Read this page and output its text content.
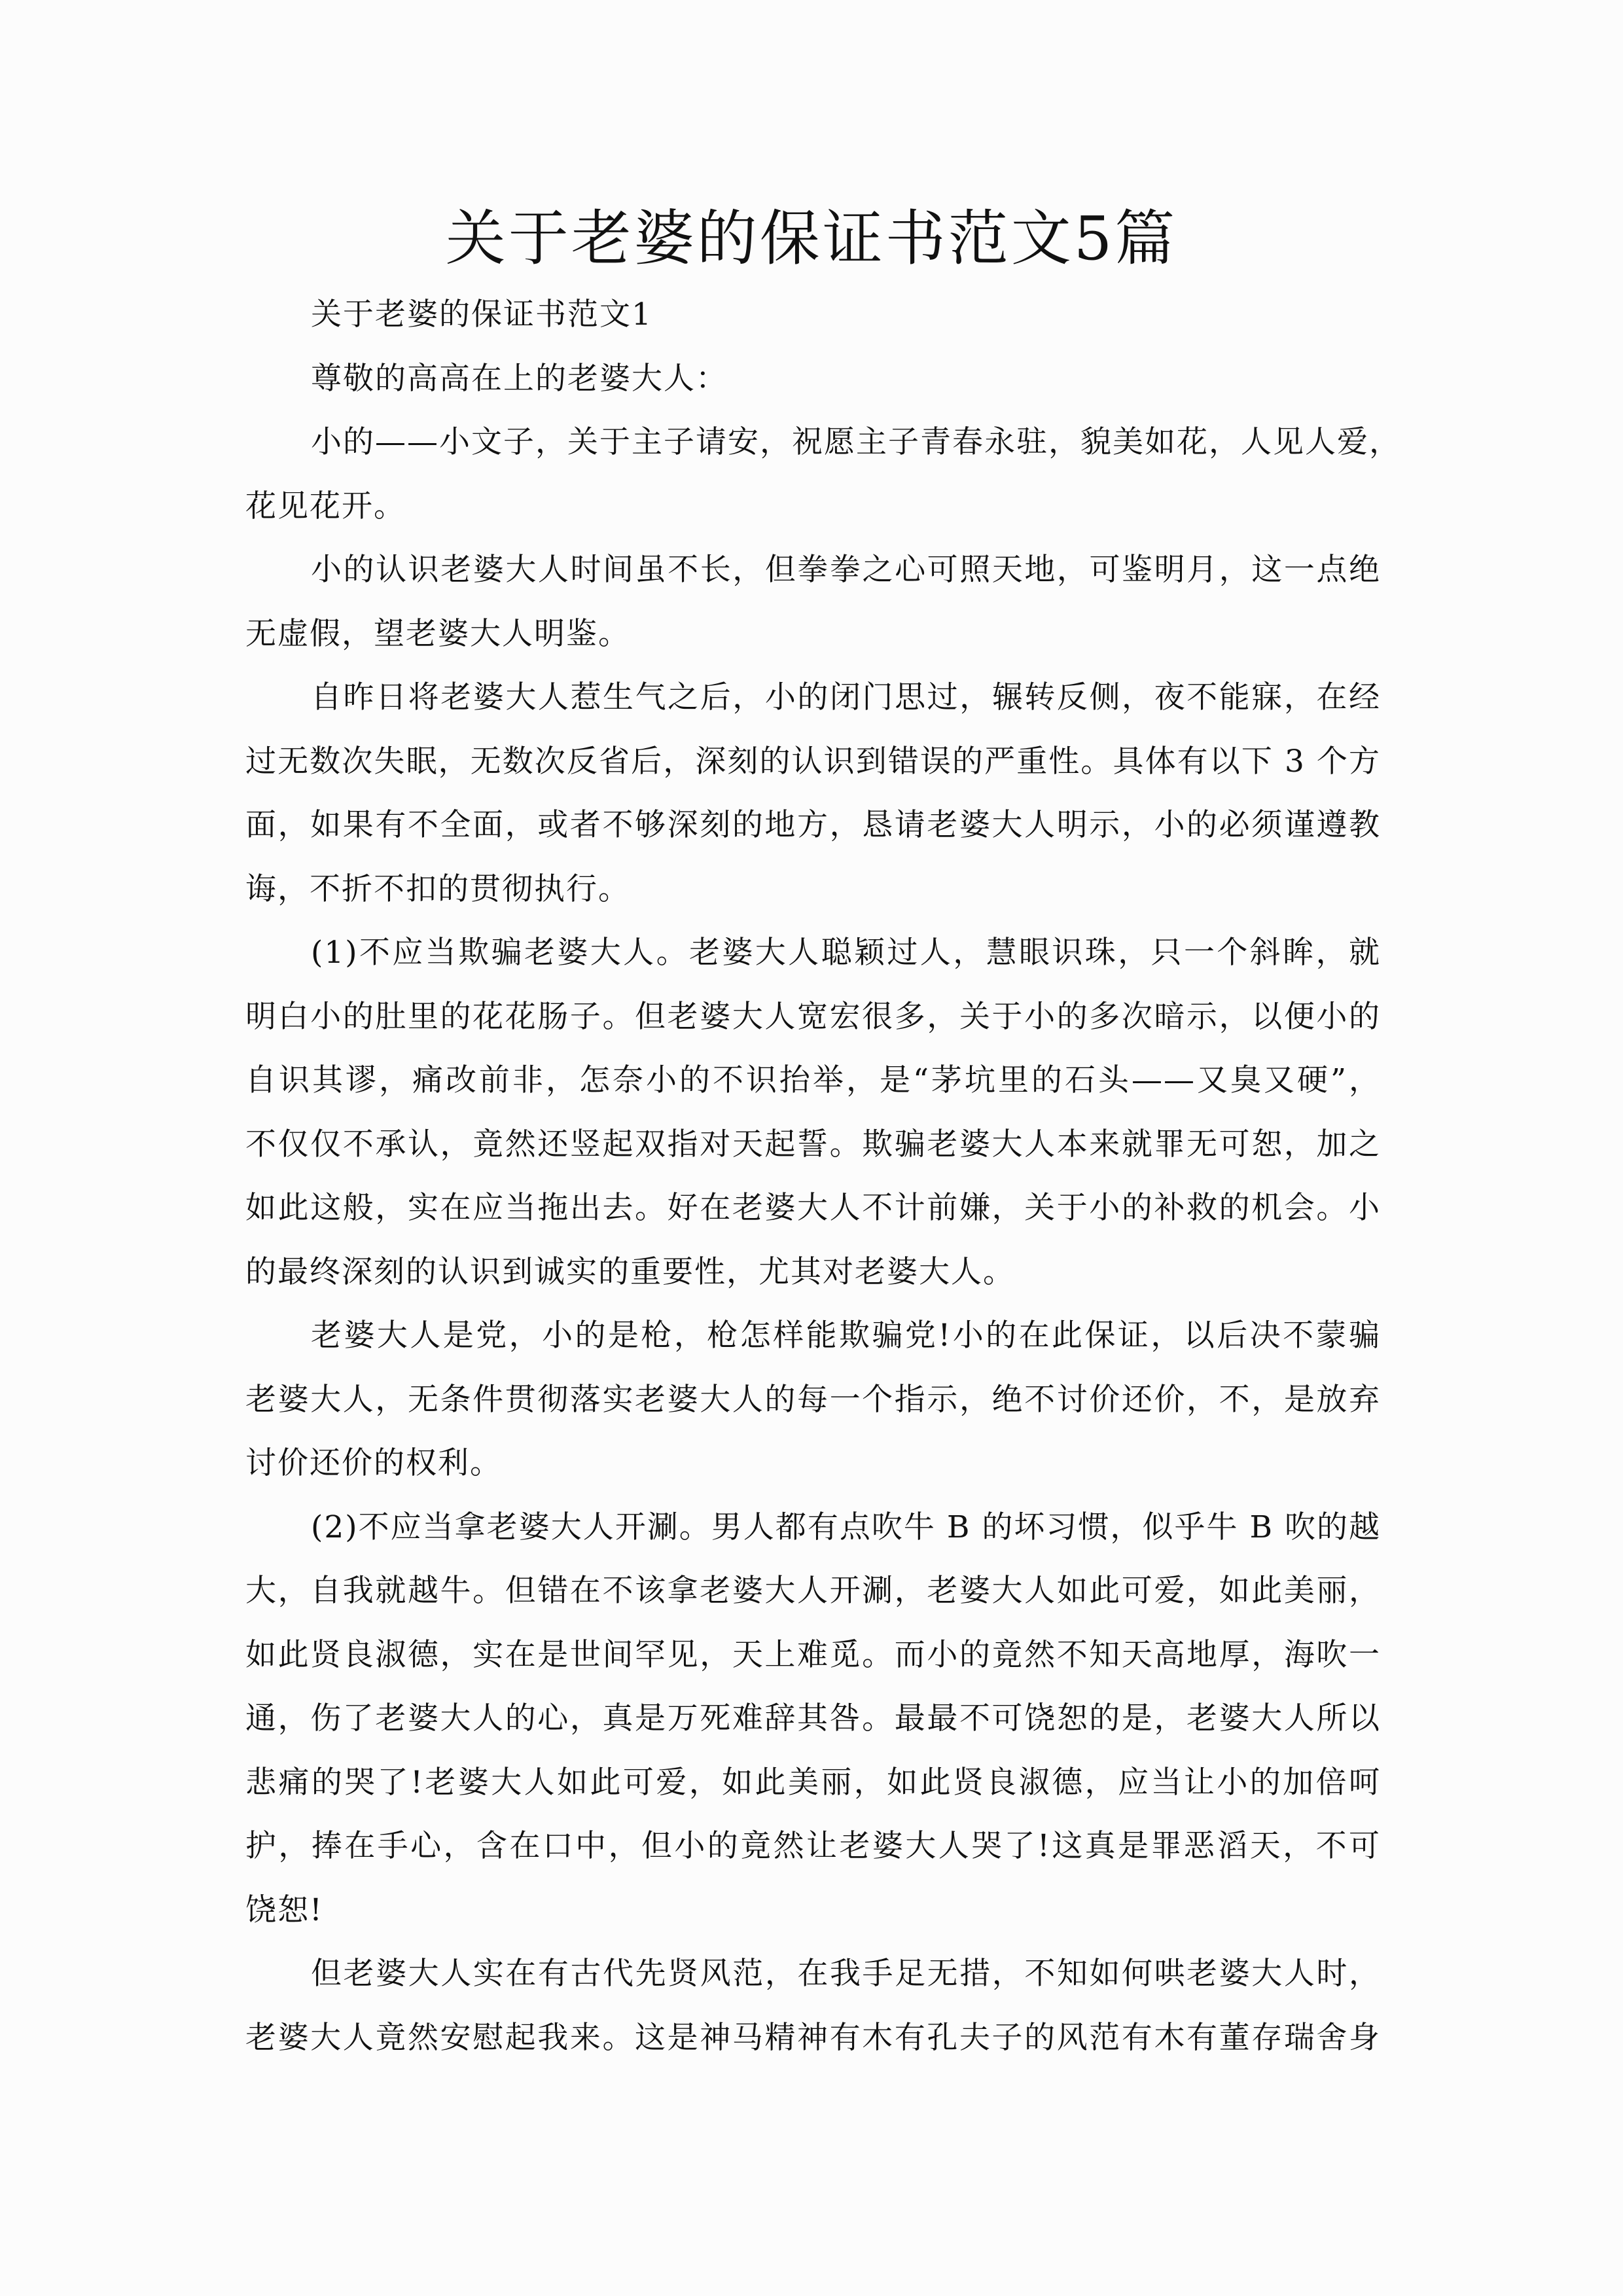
关于老婆的保证书范文5篇
关于老婆的保证书范文1
尊敬的高高在上的老婆大人：
小的——小文子，关于主子请安，祝愿主子青春永驻，貌美如花，人见人爱，
花见花开。
小的认识老婆大人时间虽不长，但拳拳之心可照天地，可鉴明月，这一点绝
无虚假，望老婆大人明鉴。
自昨日将老婆大人惹生气之后，小的闭门思过，辗转反侧，夜不能寐，在经
过无数次失眠，无数次反省后，深刻的认识到错误的严重性。具体有以下 3 个方
面，如果有不全面，或者不够深刻的地方，恳请老婆大人明示，小的必须谨遵教
诲，不折不扣的贯彻执行。
(1)不应当欺骗老婆大人。老婆大人聪颖过人，慧眼识珠，只一个斜眸，就
明白小的肚里的花花肠子。但老婆大人宽宏很多，关于小的多次暗示，以便小的
自识其谬，痛改前非，怎奈小的不识抬举，是“茅坑里的石头——又臭又硬”，
不仅仅不承认，竟然还竖起双指对天起誓。欺骗老婆大人本来就罪无可恕，加之
如此这般，实在应当拖出去。好在老婆大人不计前嫌，关于小的补救的机会。小
的最终深刻的认识到诚实的重要性，尤其对老婆大人。
老婆大人是党，小的是枪，枪怎样能欺骗党!小的在此保证，以后决不蒙骗
老婆大人，无条件贯彻落实老婆大人的每一个指示，绝不讨价还价，不，是放弃
讨价还价的权利。
(2)不应当拿老婆大人开涮。男人都有点吹牛 B 的坏习惯，似乎牛 B 吹的越
大，自我就越牛。但错在不该拿老婆大人开涮，老婆大人如此可爱，如此美丽，
如此贤良淑德，实在是世间罕见，天上难觅。而小的竟然不知天高地厚，海吹一
通，伤了老婆大人的心，真是万死难辞其咎。最最不可饶恕的是，老婆大人所以
悲痛的哭了!老婆大人如此可爱，如此美丽，如此贤良淑德，应当让小的加倍呵
护，捧在手心，含在口中，但小的竟然让老婆大人哭了!这真是罪恶滔天，不可
饶恕!
但老婆大人实在有古代先贤风范，在我手足无措，不知如何哄老婆大人时，
老婆大人竟然安慰起我来。这是神马精神有木有孔夫子的风范有木有董存瑞舍身
